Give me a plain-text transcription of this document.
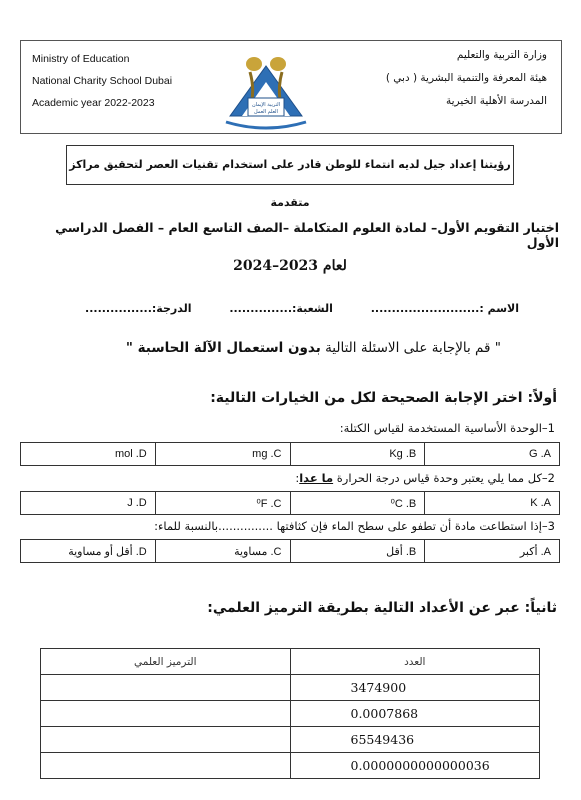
Ministry of Education
National Charity School Dubai
Academic year 2022-2023
وزارة التربية والتعليم
هيئة المعرفة والتنمية البشرية ( دبي )
المدرسة الأهلية الخيرية
التربية الإيمان
العلم العمل
رؤيتنا إعداد جيل لديه انتماء للوطن قادر على استخدام تقنيات العصر لتحقيق مراكز متقدمة
اختبار التقويم الأول– لمادة العلوم المتكاملة –الصف التاسع العام – الفصل الدراسي الأول
لعام 2023–2024
الاسم :.......................... الشعبة:............... الدرجة:................
" قم بالإجابة على الاسئلة التالية بدون استعمال الآلة الحاسبة "
أولاً: اختر الإجابة الصحيحة لكل من الخيارات التالية:
1–الوحدة الأساسية المستخدمة لقياس الكتلة:
G .A	Kg .B	mg .C	mol .D
2–كل مما يلي يعتبر وحدة قياس درجة الحرارة ما عدا:
K .A	⁰C .B	⁰F .C	J .D
3–إذا استطاعت مادة أن تطفو على سطح الماء فإن كثافتها ...............بالنسبة للماء:
A. أكبر	B. أقل	C. مساوية	D. أقل أو مساوية
ثانياً: عبر عن الأعداد التالية بطريقة الترميز العلمي:
الترميز العلمي	العدد
	3474900
	0.0007868
	65549436
	0.0000000000000036
